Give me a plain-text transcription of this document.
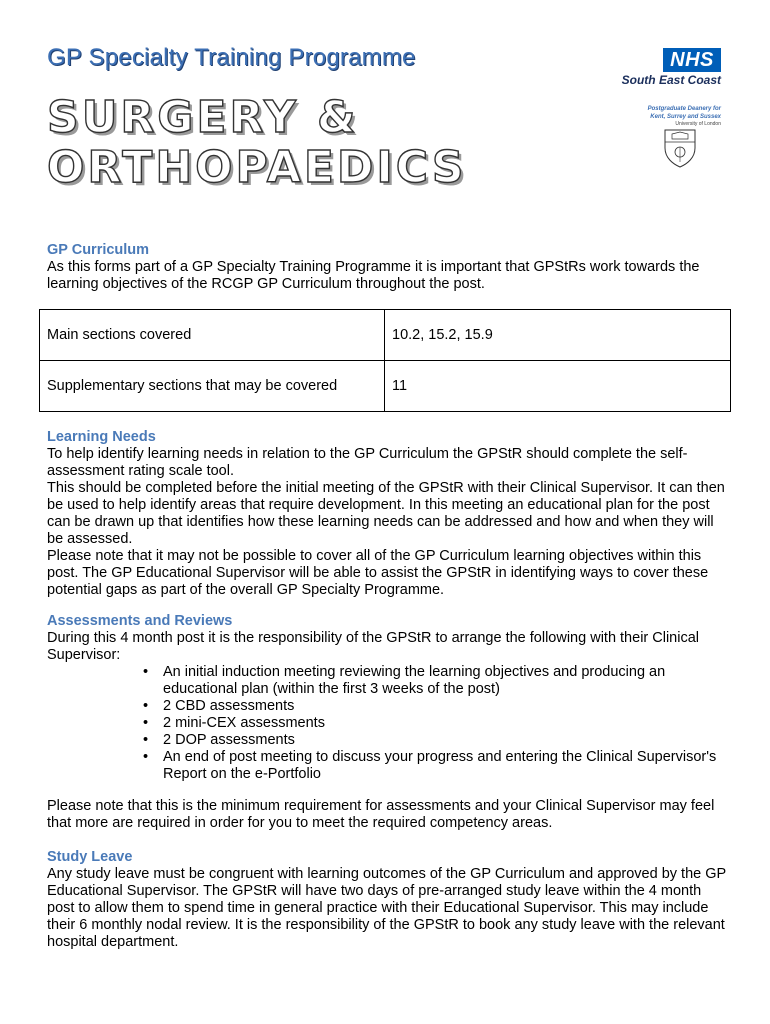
GP Specialty Training Programme
SURGERY &
ORTHOPAEDICS
NHS
South East Coast
Postgraduate Deanery for
Kent, Surrey and Sussex
University of London
GP Curriculum
As this forms part of a GP Specialty Training Programme it is important that GPStRs work towards the learning objectives of the RCGP GP Curriculum throughout the post.
Main sections covered	10.2, 15.2, 15.9
Supplementary sections that may be covered	11
Learning Needs
To help identify learning needs in relation to the GP Curriculum the GPStR should complete the self-assessment rating scale tool.
This should be completed before the initial meeting of the GPStR with their Clinical Supervisor. It can then be used to help identify areas that require development. In this meeting an educational plan for the post can be drawn up that identifies how these learning needs can be addressed and how and when they will be assessed.
Please note that it may not be possible to cover all of the GP Curriculum learning objectives within this post. The GP Educational Supervisor will be able to assist the GPStR in identifying ways to cover these potential gaps as part of the overall GP Specialty Programme.
Assessments and Reviews
During this 4 month post it is the responsibility of the GPStR to arrange the following with their Clinical Supervisor:
• An initial induction meeting reviewing the learning objectives and producing an educational plan (within the first 3 weeks of the post)
• 2 CBD assessments
• 2 mini-CEX assessments
• 2 DOP assessments
• An end of post meeting to discuss your progress and entering the Clinical Supervisor's Report on the e-Portfolio
Please note that this is the minimum requirement for assessments and your Clinical Supervisor may feel that more are required in order for you to meet the required competency areas.
Study Leave
Any study leave must be congruent with learning outcomes of the GP Curriculum and approved by the GP Educational Supervisor. The GPStR will have two days of pre-arranged study leave within the 4 month post to allow them to spend time in general practice with their Educational Supervisor. This may include their 6 monthly nodal review. It is the responsibility of the GPStR to book any study leave with the relevant hospital department.
